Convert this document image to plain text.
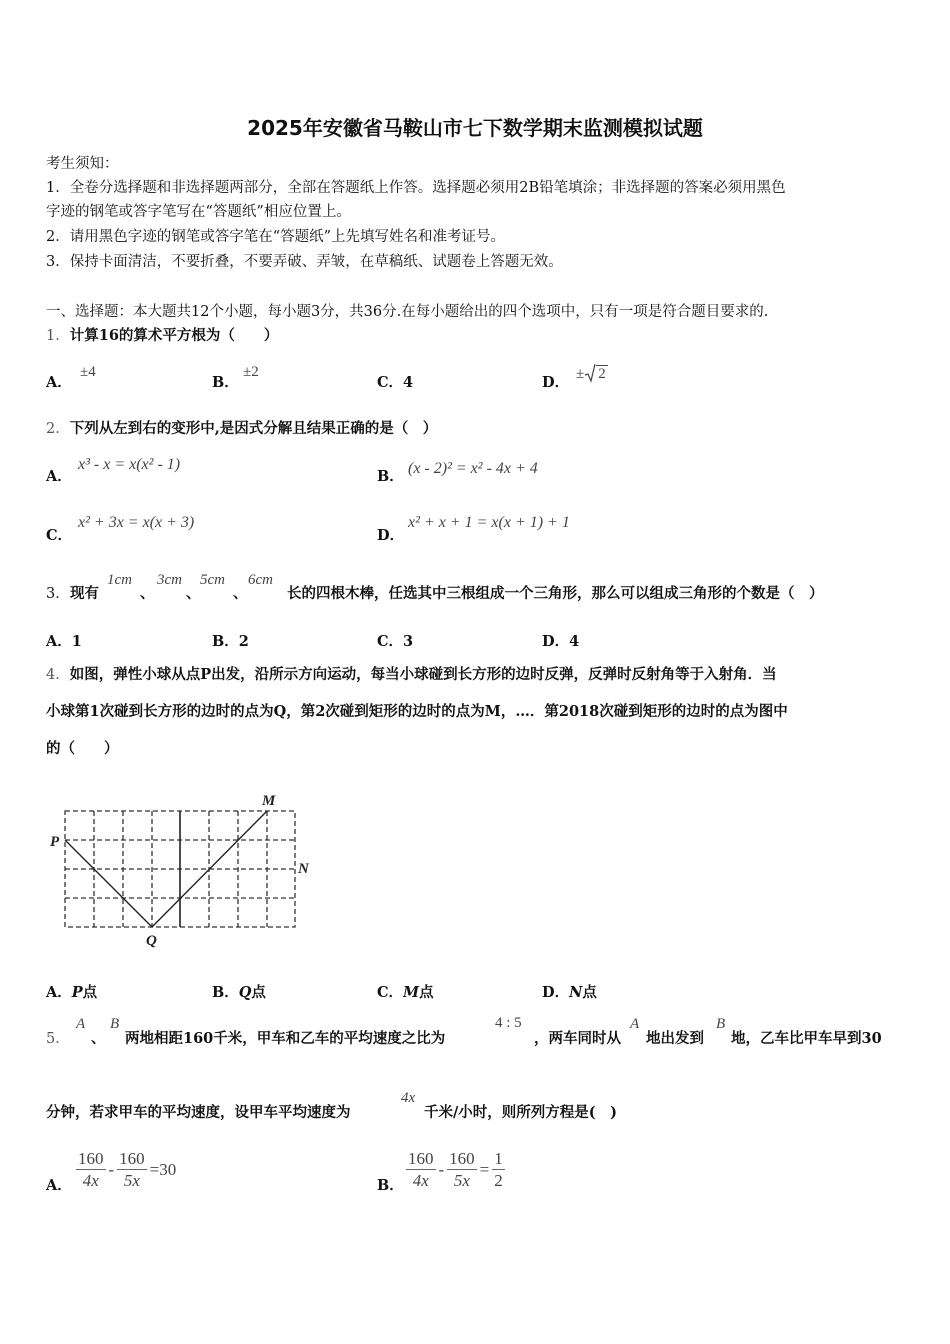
2025年安徽省马鞍山市七下数学期末监测模拟试题
考生须知：
1．全卷分选择题和非选择题两部分，全部在答题纸上作答。选择题必须用2B铅笔填涂；非选择题的答案必须用黑色
字迹的钢笔或答字笔写在“答题纸”相应位置上。
2．请用黑色字迹的钢笔或答字笔在“答题纸”上先填写姓名和准考证号。
3．保持卡面清洁，不要折叠，不要弄破、弄皱，在草稿纸、试题卷上答题无效。
一、选择题：本大题共12个小题，每小题3分，共36分.在每小题给出的四个选项中，只有一项是符合题目要求的.
1．计算16的算术平方根为（　　）
A．
±4
B．
±2
C．4	D． ± 2
2．下列从左到右的变形中,是因式分解且结果正确的是（　）
A．
x³ - x = x(x² - 1)
B． (x - 2)² = x² - 4x + 4
C．
x² + 3x = x(x + 3)
D．
x² + x + 1 = x(x + 1) + 1
3． 现有
1cm
、
3cm
、
5cm
、
6cm
长的四根木棒，任选其中三根组成一个三角形，那么可以组成三角形的个数是（　）
A．1	B．2	C．3	D．4
4．如图，弹性小球从点P出发，沿所示方向运动，每当小球碰到长方形的边时反弹，反弹时反射角等于入射角．当
小球第1次碰到长方形的边时的点为Q，第2次碰到矩形的边时的点为M，…．第2018次碰到矩形的边时的点为图中
的（　　）
P
Q
M
N
A．P点	B．Q点	C．M点	D．N点
5．
A
、
B
两地相距160千米，甲车和乙车的平均速度之比为
4 : 5
，两车同时从
A
地出发到
B
地，乙车比甲车早到30
分钟，若求甲车的平均速度，设甲车平均速度为
4x
千米/小时，则所列方程是(　)
A． $\frac{160}{4x} - \frac{160}{5x} =30$
B． $\frac{160}{4x} - \frac{160}{5x} = \frac{1}{2}$
